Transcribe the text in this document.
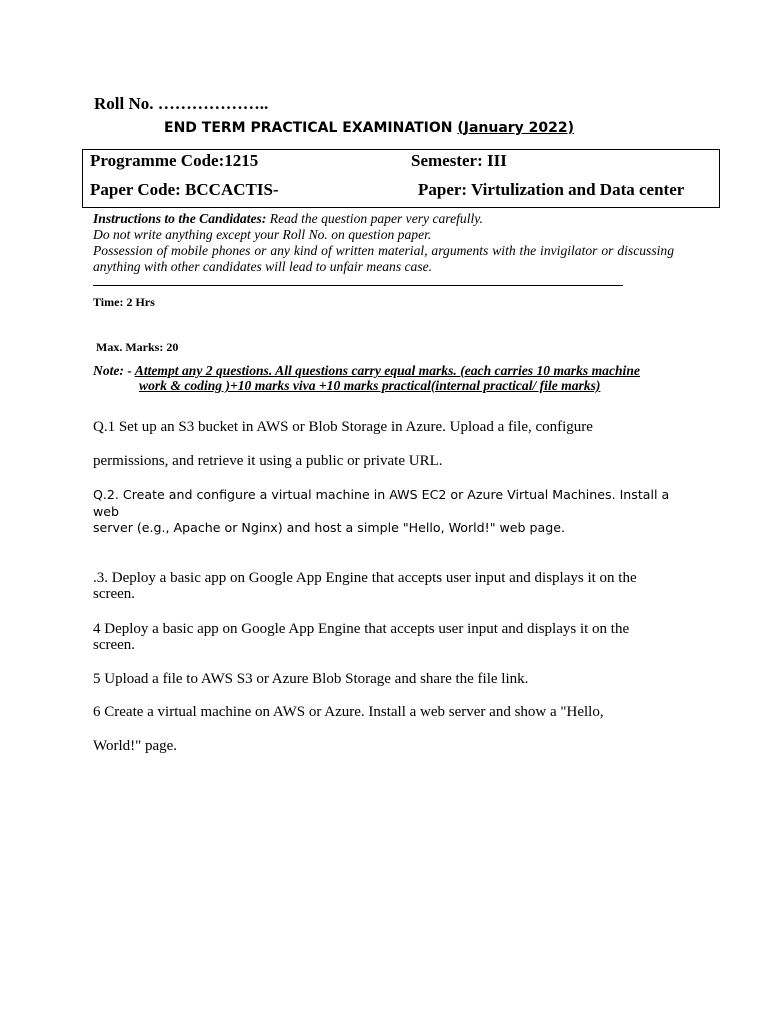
Roll No. ………………..
END TERM PRACTICAL EXAMINATION (January 2022)
Programme Code:1215	Semester: III
Paper Code: BCCACTIS-	Paper: Virtulization and Data center
Instructions to the Candidates: Read the question paper very carefully.
Do not write anything except your Roll No. on question paper.
Possession of mobile phones or any kind of written material, arguments with the invigilator or discussing anything with other candidates will lead to unfair means case.
Time: 2 Hrs
Max. Marks: 20
Note: - Attempt any 2 questions. All questions carry equal marks. (each carries 10 marks machine
work & coding )+10 marks viva +10 marks practical(internal practical/ file marks)
Q.1 Set up an S3 bucket in AWS or Blob Storage in Azure. Upload a file, configure
permissions, and retrieve it using a public or private URL.
Q.2. Create and configure a virtual machine in AWS EC2 or Azure Virtual Machines. Install a web
server (e.g., Apache or Nginx) and host a simple "Hello, World!" web page.
.3. Deploy a basic app on Google App Engine that accepts user input and displays it on the
screen.
4 Deploy a basic app on Google App Engine that accepts user input and displays it on the
screen.
5 Upload a file to AWS S3 or Azure Blob Storage and share the file link.
6 Create a virtual machine on AWS or Azure. Install a web server and show a "Hello,
World!" page.
